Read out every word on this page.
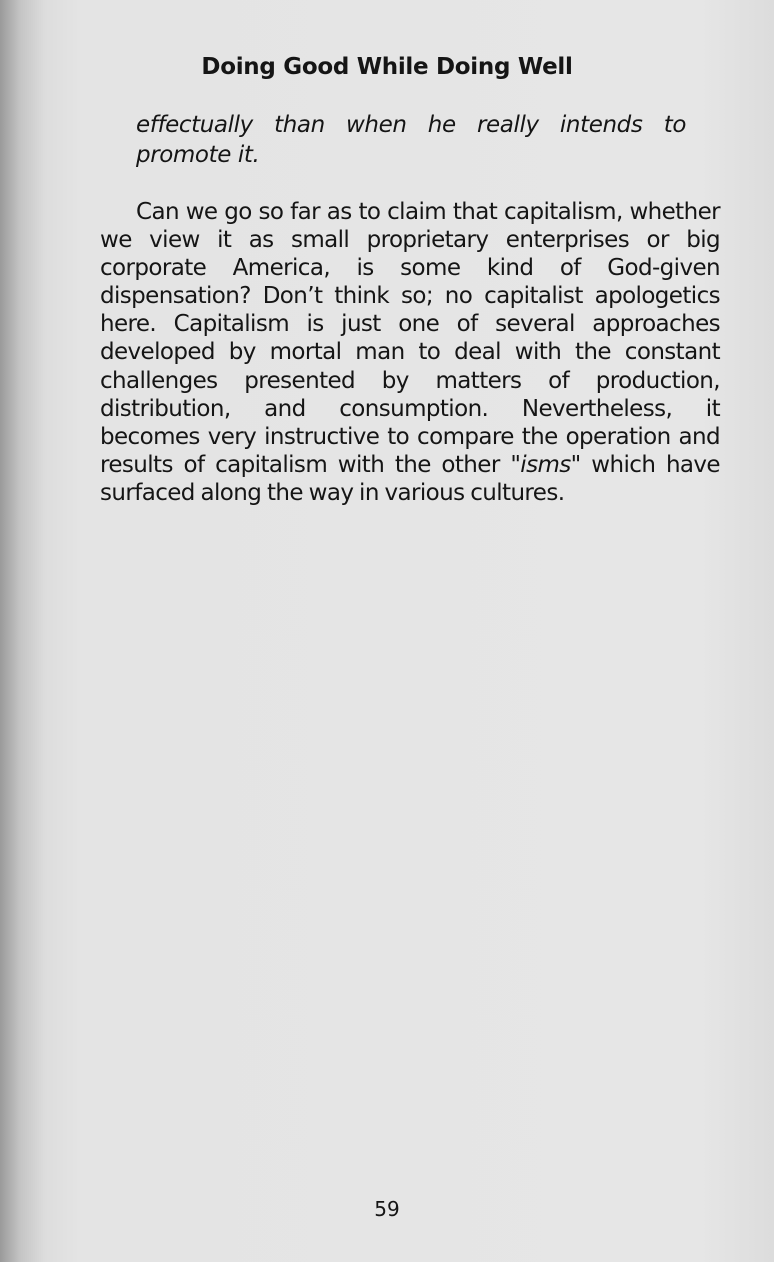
Doing Good While Doing Well
effectually than when he really intends to
promote it.
Can we go so far as to claim that capitalism, whether
we view it as small proprietary enterprises or big
corporate America, is some kind of God-given
dispensation? Don’t think so; no capitalist apologetics
here. Capitalism is just one of several approaches
developed by mortal man to deal with the constant
challenges presented by matters of production,
distribution, and consumption. Nevertheless, it
becomes very instructive to compare the operation and
results of capitalism with the other "isms" which have
surfaced along the way in various cultures.
59
